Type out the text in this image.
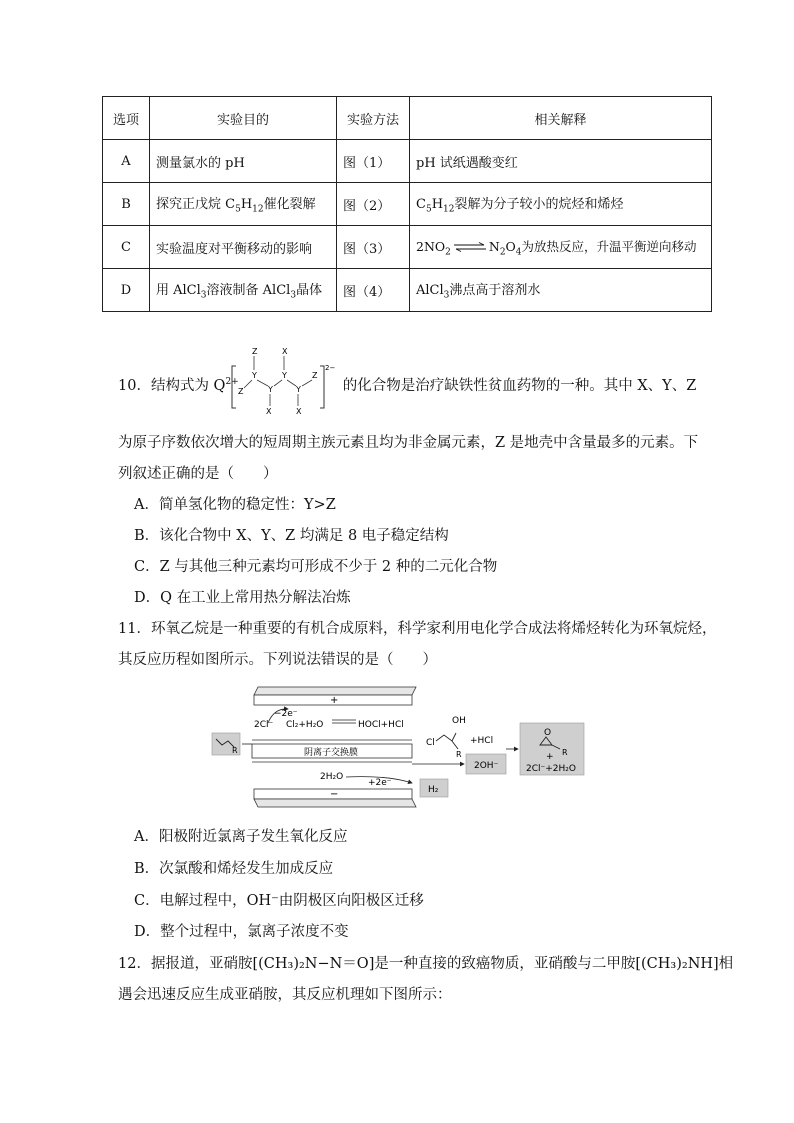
选项	实验目的	实验方法	相关解释
A	测量氯水的 pH	图（1）	pH 试纸遇酸变红
B	探究正戊烷 $C_5H_{12}$催化裂解	图（2）	$C_5H_{12}$裂解为分子较小的烷烃和烯烃
C	实验温度对平衡移动的影响	图（3）	$2NO_2$ ⇌ $N_2O_4$为放热反应，升温平衡逆向移动
D	用 AlCl$_3$溶液制备 AlCl$_3$晶体	图（4）	AlCl$_3$沸点高于溶剂水
10．结构式为 $Q^{2+}$	的化合物是治疗缺铁性贫血药物的一种。其中 X、Y、Z
Z
Y
Z	Y
X
X
Y
Y
X
Z
2−
为原子序数依次增大的短周期主族元素且均为非金属元素，Z 是地壳中含量最多的元素。下
列叙述正确的是（　　）
A．简单氢化物的稳定性：Y>Z
B．该化合物中 X、Y、Z 均满足 8 电子稳定结构
C．Z 与其他三种元素均可形成不少于 2 种的二元化合物
D．Q 在工业上常用热分解法冶炼
11．环氧乙烷是一种重要的有机合成原料，科学家利用电化学合成法将烯烃转化为环氧烷烃，
其反应历程如图所示。下列说法错误的是（　　）
+
−2e⁻
2Cl⁻ Cl₂+H₂O	HOCl+HCl
阴离子交换膜
R
Cl
OH
R
+HCl
2OH⁻
O
R
+
2Cl⁻+2H₂O
2H₂O
+2e⁻
H₂
−
A．阳极附近氯离子发生氧化反应
B．次氯酸和烯烃发生加成反应
C．电解过程中，OH⁻由阴极区向阳极区迁移
D．整个过程中，氯离子浓度不变
12．据报道，亚硝胺[(CH₃)₂N−N＝O]是一种直接的致癌物质，亚硝酸与二甲胺[(CH₃)₂NH]相
遇会迅速反应生成亚硝胺，其反应机理如下图所示：
